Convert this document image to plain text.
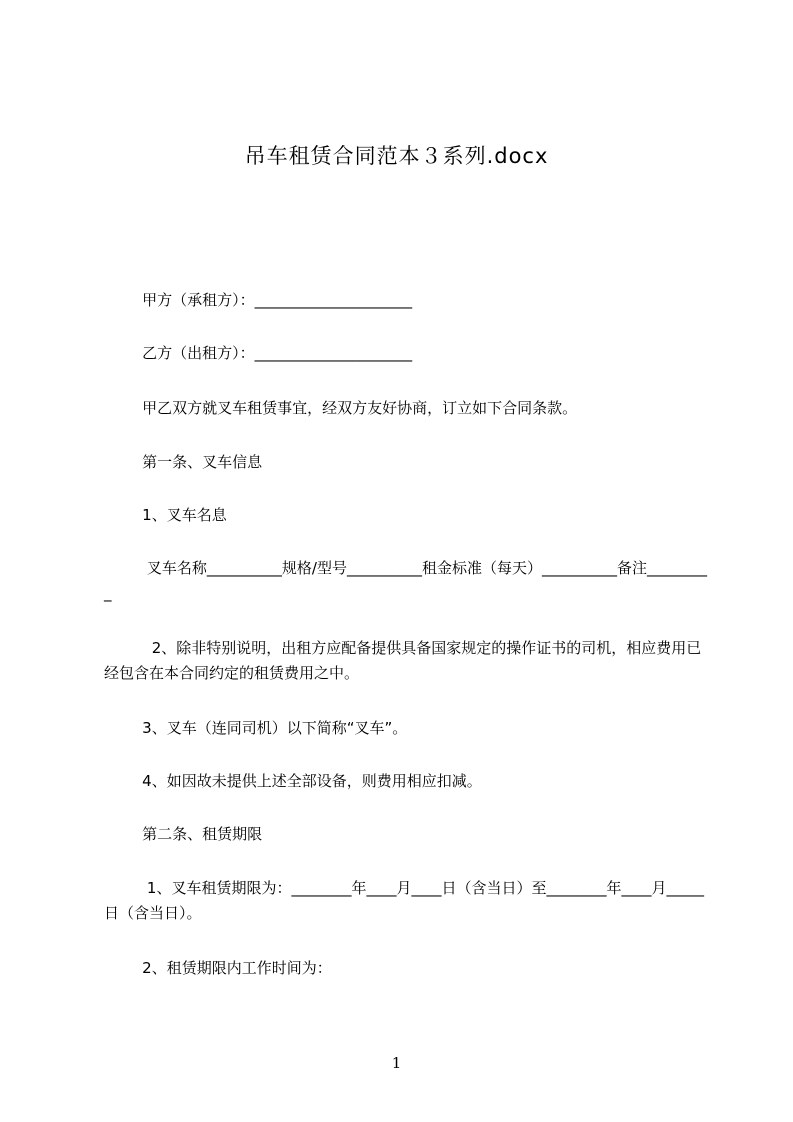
吊车租赁合同范本３系列.docx
甲方（承租方）：_____________________
乙方（出租方）：_____________________
甲乙双方就叉车租赁事宜，经双方友好协商，订立如下合同条款。
第一条、叉车信息
1、叉车名息
叉车名称__________规格/型号__________租金标准（每天）__________备注_________
2、除非特别说明，出租方应配备提供具备国家规定的操作证书的司机，相应费用已经包含在本合同约定的租赁费用之中。
3、叉车（连同司机）以下简称“叉车”。
4、如因故未提供上述全部设备，则费用相应扣减。
第二条、租赁期限
1、叉车租赁期限为：________年____月____日（含当日）至________年____月_____日（含当日）。
2、租赁期限内工作时间为：
1
